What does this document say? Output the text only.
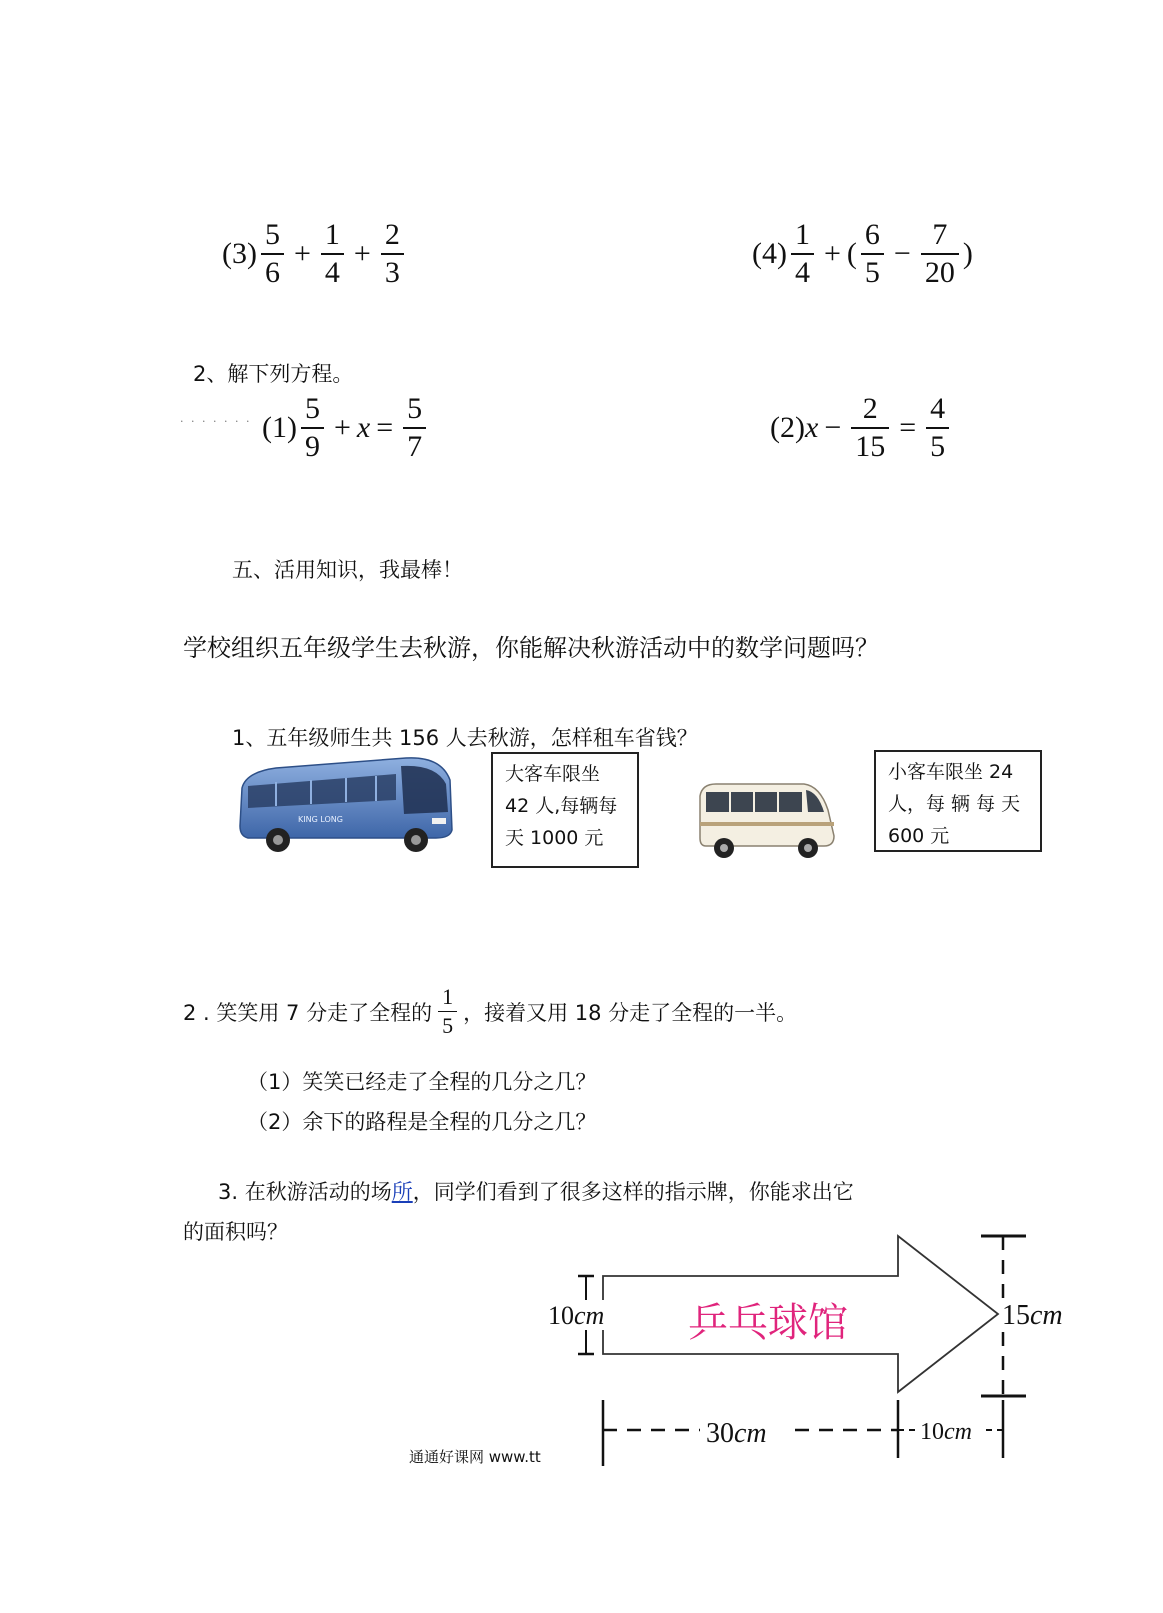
$(3) \frac{5}{6} + \frac{1}{4} + \frac{2}{3}$	$(4) \frac{1}{4}$ + ( $\frac{6}{5} - \frac{7}{20}$ )
2、解下列方程。
. . . . . . . $(1) \frac{5}{9} + x = \frac{5}{7}$	(2) $x - \frac{2}{15} = \frac{4}{5}$
五、活用知识，我最棒！
学校组织五年级学生去秋游，你能解决秋游活动中的数学问题吗？
1、五年级师生共 156 人去秋游，怎样租车省钱？
KING LONG
大客车限坐
42 人,每辆每
天 1000 元
小客车限坐 24
人，每 辆 每 天
600 元
2 . 笑笑用 7 分走了全程的 $\frac{1}{5}$ ，接着又用 18 分走了全程的一半。
（1）笑笑已经走了全程的几分之几？
（2）余下的路程是全程的几分之几？
3. 在秋游活动的场所，同学们看到了很多这样的指示牌，你能求出它
的面积吗？
乒乓球馆
10cm	15cm
30cm	10cm
通通好课网 www.tt
